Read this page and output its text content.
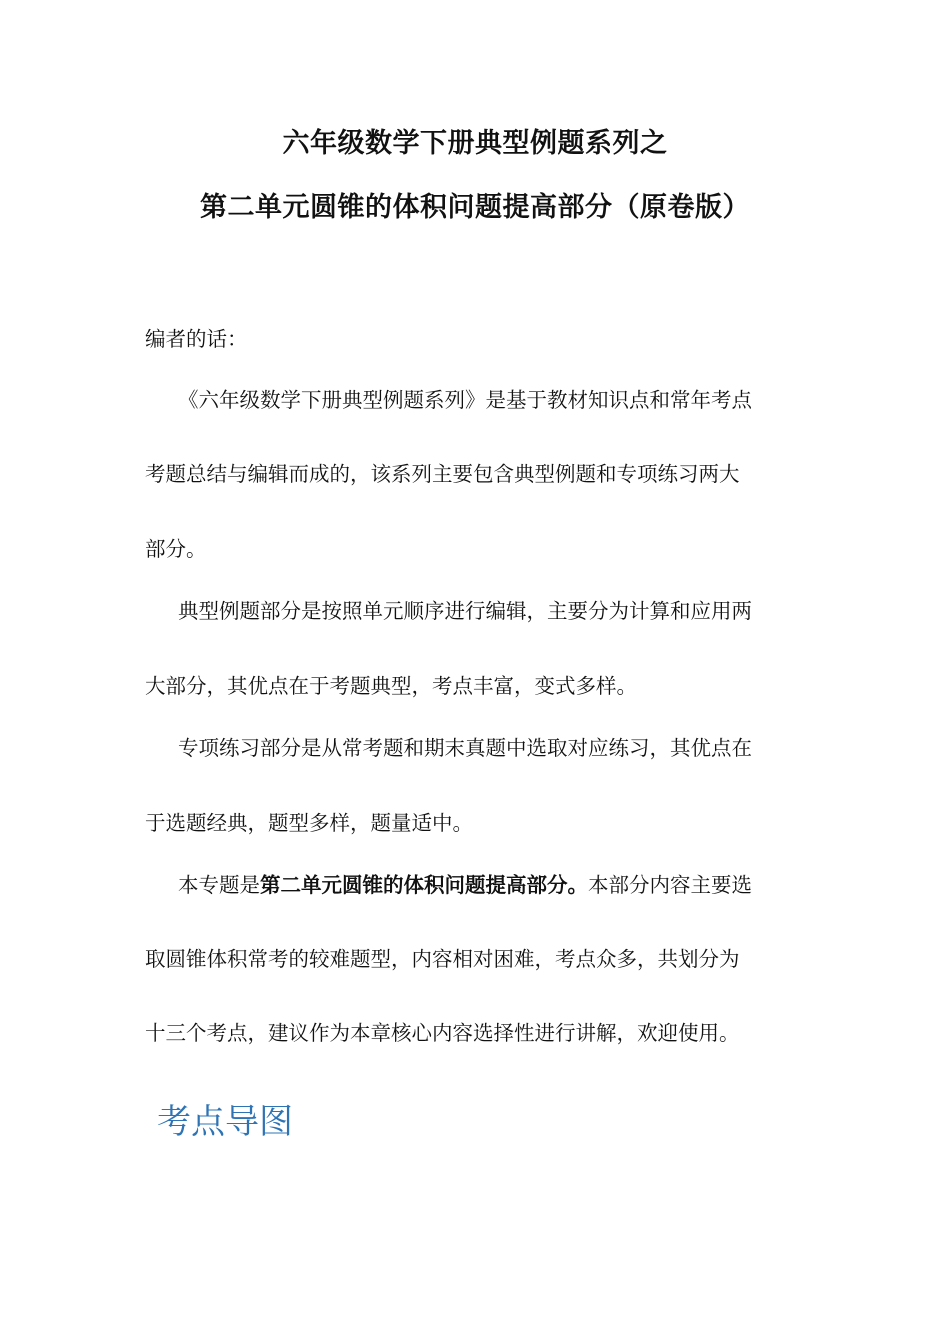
六年级数学下册典型例题系列之
第二单元圆锥的体积问题提高部分（原卷版）
编者的话：
《六年级数学下册典型例题系列》是基于教材知识点和常年考点
考题总结与编辑而成的，该系列主要包含典型例题和专项练习两大
部分。
典型例题部分是按照单元顺序进行编辑，主要分为计算和应用两
大部分，其优点在于考题典型，考点丰富，变式多样。
专项练习部分是从常考题和期末真题中选取对应练习，其优点在
于选题经典，题型多样，题量适中。
本专题是第二单元圆锥的体积问题提高部分。本部分内容主要选
取圆锥体积常考的较难题型，内容相对困难，考点众多，共划分为
十三个考点，建议作为本章核心内容选择性进行讲解，欢迎使用。
考点导图
